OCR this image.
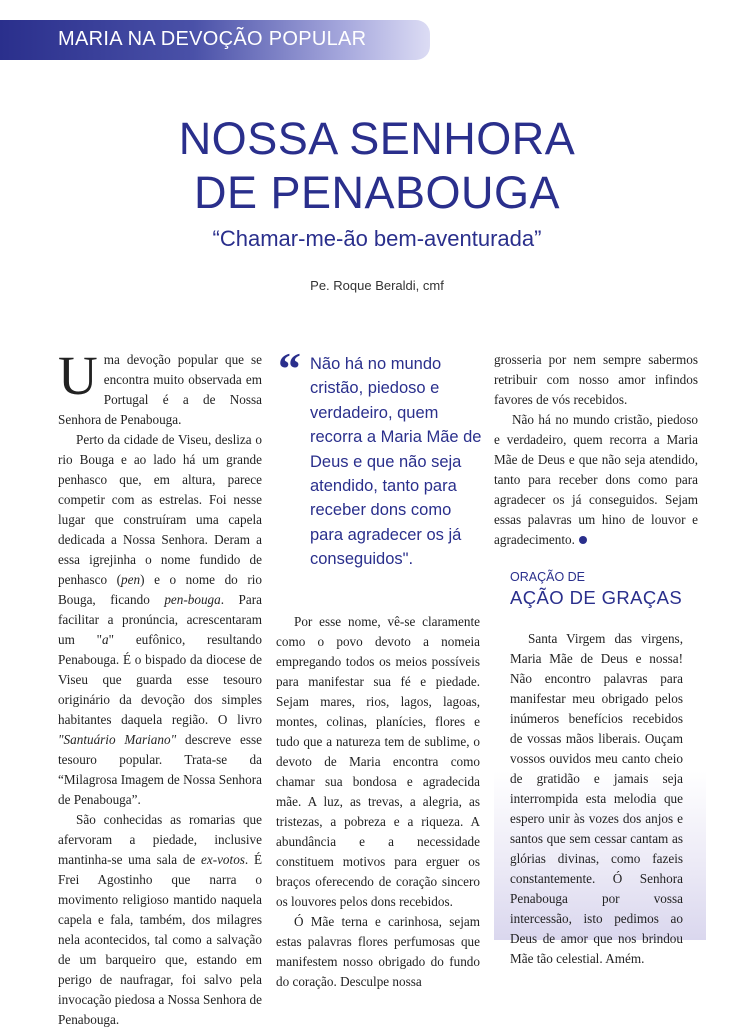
MARIA NA DEVOÇÃO POPULAR
NOSSA SENHORA
DE PENABOUGA
“Chamar-me-ão bem-aventurada”
Pe. Roque Beraldi, cmf

Uma devoção popular que se encontra muito observada em Portugal é a de Nossa Senhora de Penabouga.

Perto da cidade de Viseu, desliza o rio Bouga e ao lado há um grande penhasco que, em altura, parece competir com as estrelas. Foi nesse lugar que construíram uma capela dedicada a Nossa Senhora. Deram a essa igrejinha o nome fundido de penhasco (pen) e o nome do rio Bouga, ficando pen-bouga. Para facilitar a pronúncia, acrescentaram um "a" eufônico, resultando Penabouga. É o bispado da diocese de Viseu que guarda esse tesouro originário da devoção dos simples habitantes daquela região. O livro "Santuário Mariano" descreve esse tesouro popular. Trata-se da “Milagrosa Imagem de Nossa Senhora de Penabouga”.

São conhecidas as romarias que afervoram a piedade, inclusive mantinha-se uma sala de ex-votos. É Frei Agostinho que narra o movimento religioso mantido naquela capela e fala, também, dos milagres nela acontecidos, tal como a salvação de um barqueiro que, estando em perigo de naufragar, foi salvo pela invocação piedosa a Nossa Senhora de Penabouga.

“ Não há no mundo cristão, piedoso e verdadeiro, quem recorra a Maria Mãe de Deus e que não seja atendido, tanto para receber dons como para agradecer os já conseguidos".

Por esse nome, vê-se claramente como o povo devoto a nomeia empregando todos os meios possíveis para manifestar sua fé e piedade. Sejam mares, rios, lagos, lagoas, montes, colinas, planícies, flores e tudo que a natureza tem de sublime, o devoto de Maria encontra como chamar sua bondosa e agradecida mãe. A luz, as trevas, a alegria, as tristezas, a pobreza e a riqueza. A abundância e a necessidade constituem motivos para erguer os braços oferecendo de coração sincero os louvores pelos dons recebidos.

Ó Mãe terna e carinhosa, sejam estas palavras flores perfumosas que manifestem nosso obrigado do fundo do coração. Desculpe nossa

grosseria por nem sempre sabermos retribuir com nosso amor infindos favores de vós recebidos.

Não há no mundo cristão, piedoso e verdadeiro, quem recorra a Maria Mãe de Deus e que não seja atendido, tanto para receber dons como para agradecer os já conseguidos. Sejam essas palavras um hino de louvor e agradecimento.

ORAÇÃO DE
AÇÃO DE GRAÇAS
Santa Virgem das virgens, Maria Mãe de Deus e nossa! Não encontro palavras para manifestar meu obrigado pelos inúmeros benefícios recebidos de vossas mãos liberais. Ouçam vossos ouvidos meu canto cheio de gratidão e jamais seja interrompida esta melodia que espero unir às vozes dos anjos e santos que sem cessar cantam as glórias divinas, como fazeis constantemente. Ó Senhora Penabouga por vossa intercessão, isto pedimos ao Deus de amor que nos brindou Mãe tão celestial. Amém.
